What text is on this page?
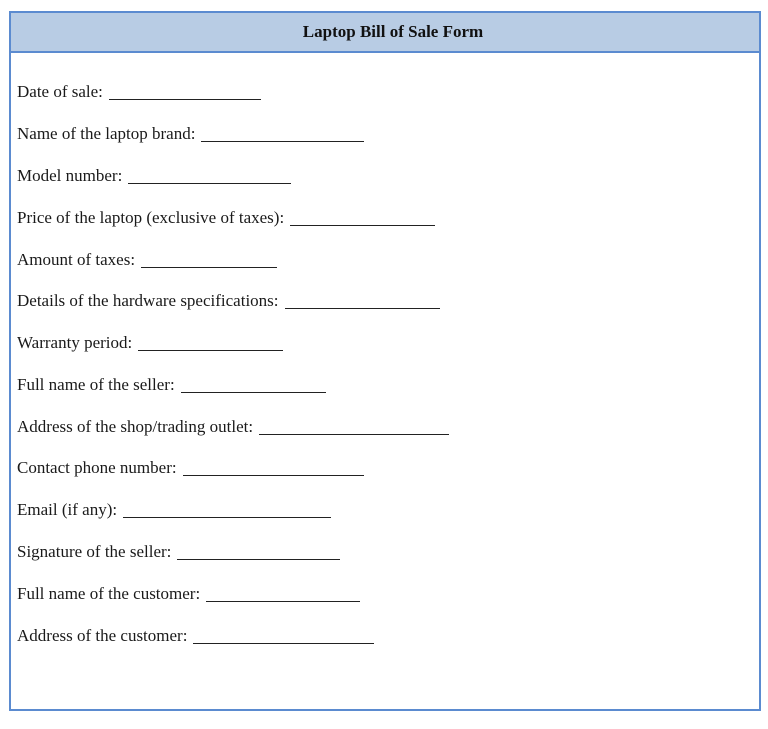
Laptop Bill of Sale Form
Date of sale:
Name of the laptop brand:
Model number:
Price of the laptop (exclusive of taxes):
Amount of taxes:
Details of the hardware specifications:
Warranty period:
Full name of the seller:
Address of the shop/trading outlet:
Contact phone number:
Email (if any):
Signature of the seller:
Full name of the customer:
Address of the customer:
